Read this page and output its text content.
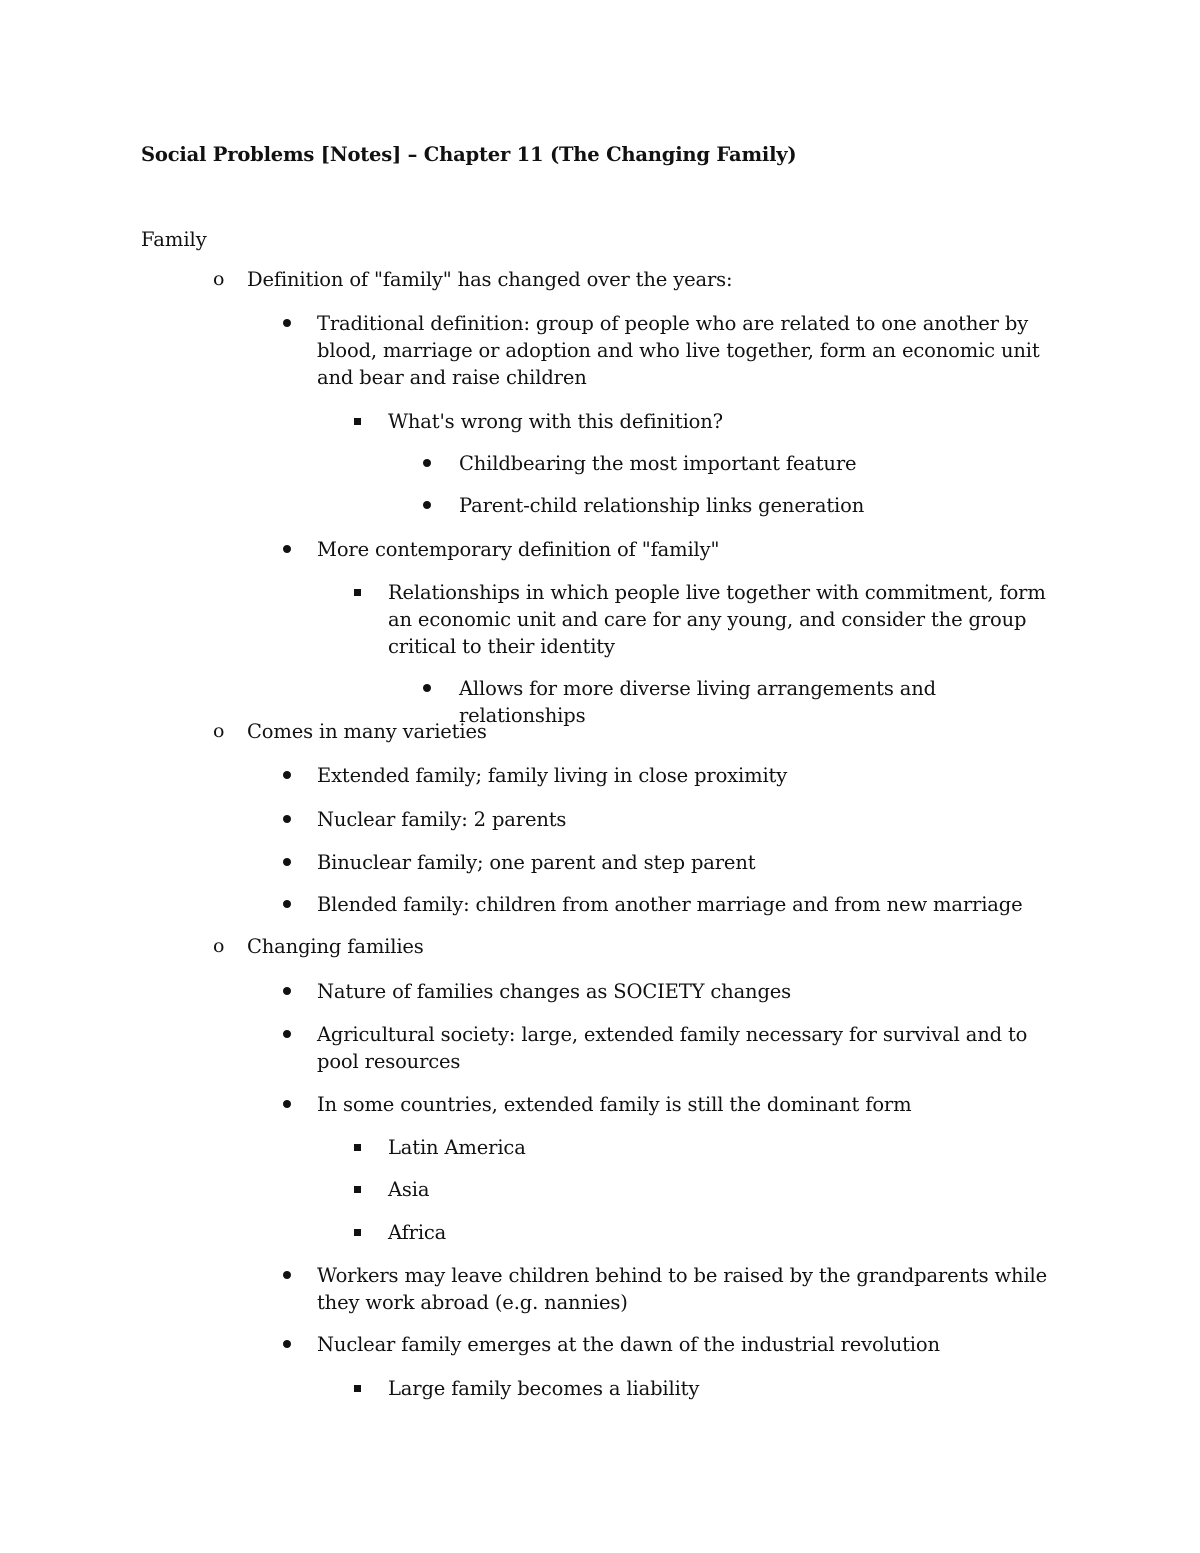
Social Problems [Notes] – Chapter 11 (The Changing Family)
Family
o	Definition of "family" has changed over the years:
Traditional definition: group of people who are related to one another by blood, marriage or adoption and who live together, form an economic unit and bear and raise children
What's wrong with this definition?
Childbearing the most important feature
Parent-child relationship links generation
More contemporary definition of "family"
Relationships in which people live together with commitment, form an economic unit and care for any young, and consider the group critical to their identity
Allows for more diverse living arrangements and relationships
o	Comes in many varieties
Extended family; family living in close proximity
Nuclear family: 2 parents
Binuclear family; one parent and step parent
Blended family: children from another marriage and from new marriage
o	Changing families
Nature of families changes as SOCIETY changes
Agricultural society: large, extended family necessary for survival and to pool resources
In some countries, extended family is still the dominant form
Latin America
Asia
Africa
Workers may leave children behind to be raised by the grandparents while they work abroad (e.g. nannies)
Nuclear family emerges at the dawn of the industrial revolution
Large family becomes a liability
